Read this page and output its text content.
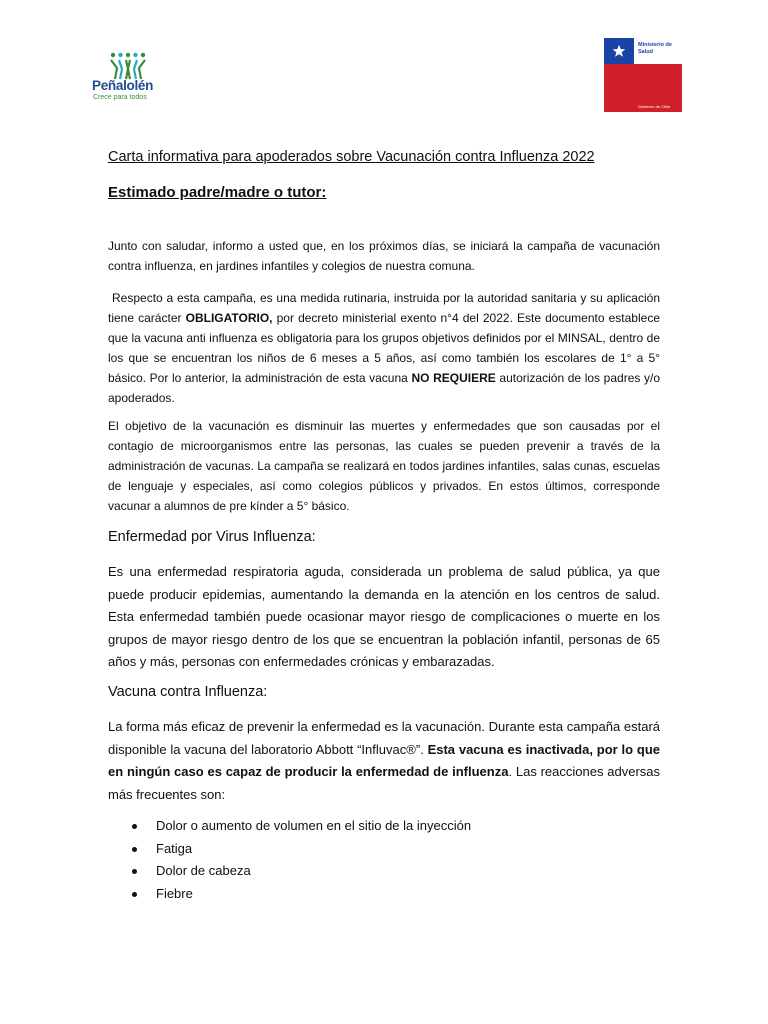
Peñalolén
Crece para todos
Ministerio de
Salud
Gobierno de Chile
Carta informativa para apoderados sobre Vacunación contra Influenza 2022
Estimado padre/madre o tutor:

Junto con saludar, informo a usted que, en los próximos días, se iniciará la campaña de vacunación contra influenza, en jardines infantiles y colegios de nuestra comuna.

Respecto a esta campaña, es una medida rutinaria, instruida por la autoridad sanitaria y su aplicación tiene carácter OBLIGATORIO, por decreto ministerial exento n°4 del 2022. Este documento establece que la vacuna anti influenza es obligatoria para los grupos objetivos definidos por el MINSAL, dentro de los que se encuentran los niños de 6 meses a 5 años, así como también los escolares de 1° a 5° básico. Por lo anterior, la administración de esta vacuna NO REQUIERE autorización de los padres y/o apoderados.

El objetivo de la vacunación es disminuir las muertes y enfermedades que son causadas por el contagio de microorganismos entre las personas, las cuales se pueden prevenir a través de la administración de vacunas. La campaña se realizará en todos jardines infantiles, salas cunas, escuelas de lenguaje y especiales, así como colegios públicos y privados. En estos últimos, corresponde vacunar a alumnos de pre kínder a 5° básico.

Enfermedad por Virus Influenza:

Es una enfermedad respiratoria aguda, considerada un problema de salud pública, ya que puede producir epidemias, aumentando la demanda en la atención en los centros de salud. Esta enfermedad también puede ocasionar mayor riesgo de complicaciones o muerte en los grupos de mayor riesgo dentro de los que se encuentran la población infantil, personas de 65 años y más, personas con enfermedades crónicas y embarazadas.

Vacuna contra Influenza:

La forma más eficaz de prevenir la enfermedad es la vacunación. Durante esta campaña estará disponible la vacuna del laboratorio Abbott “Influvac®”. Esta vacuna es inactivada, por lo que en ningún caso es capaz de producir la enfermedad de influenza. Las reacciones adversas más frecuentes son:

Dolor o aumento de volumen en el sitio de la inyección
Fatiga
Dolor de cabeza
Fiebre
